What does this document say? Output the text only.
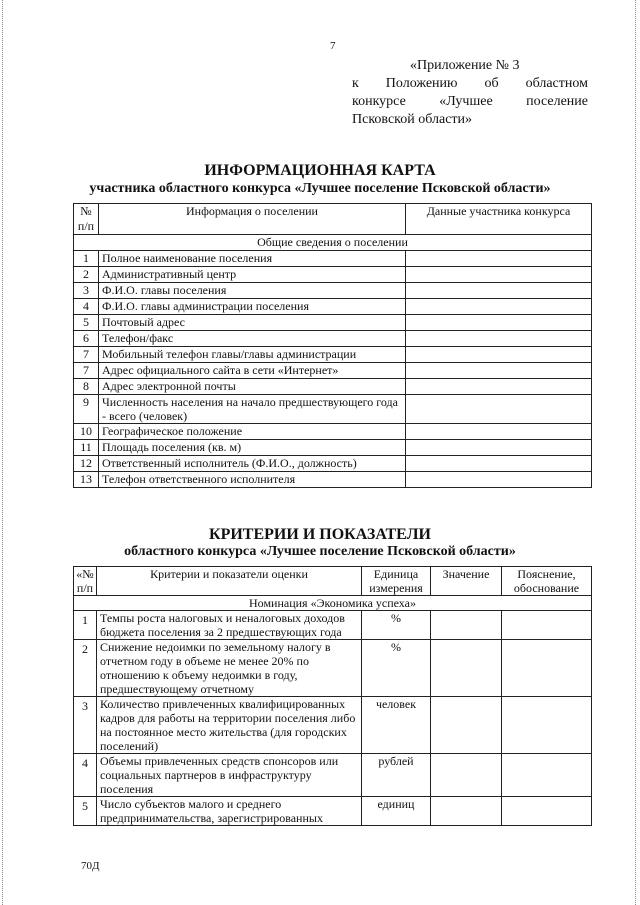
7
«Приложение № 3
к Положению об областном
конкурсе «Лучшее поселение
Псковской области»
ИНФОРМАЦИОННАЯ КАРТА
участника областного конкурса «Лучшее поселение Псковской области»
№ п/п	Информация о поселении	Данные участника конкурса
Общие сведения о поселении		
1	Полное наименование поселения	
2	Административный центр	
3	Ф.И.О. главы поселения	
4	Ф.И.О. главы администрации поселения	
5	Почтовый адрес	
6	Телефон/факс	
7	Мобильный телефон главы/главы администрации	
7	Адрес официального сайта в сети «Интернет»	
8	Адрес электронной почты	
9	Численность населения на начало предшествующего года - всего (человек)	
10	Географическое положение	
11	Площадь поселения (кв. м)	
12	Ответственный исполнитель (Ф.И.О., должность)	
13	Телефон ответственного исполнителя	
КРИТЕРИИ И ПОКАЗАТЕЛИ
областного конкурса «Лучшее поселение Псковской области»
«№ п/п	Критерии и показатели оценки	Единица измерения	Значение	Пояснение, обоснование
Номинация «Экономика успеха»				
1	Темпы роста налоговых и неналоговых доходов бюджета поселения за 2 предшествующих года	%		
2	Снижение недоимки по земельному налогу в отчетном году в объеме не менее 20% по отношению к объему недоимки в году, предшествующему отчетному	%		
3	Количество привлеченных квалифицированных кадров для работы на территории поселения либо на постоянное место жительства (для городских поселений)	человек		
4	Объемы привлеченных средств спонсоров или социальных партнеров в инфраструктуру поселения	рублей		
5	Число субъектов малого и среднего предпринимательства, зарегистрированных	единиц		
70Д
